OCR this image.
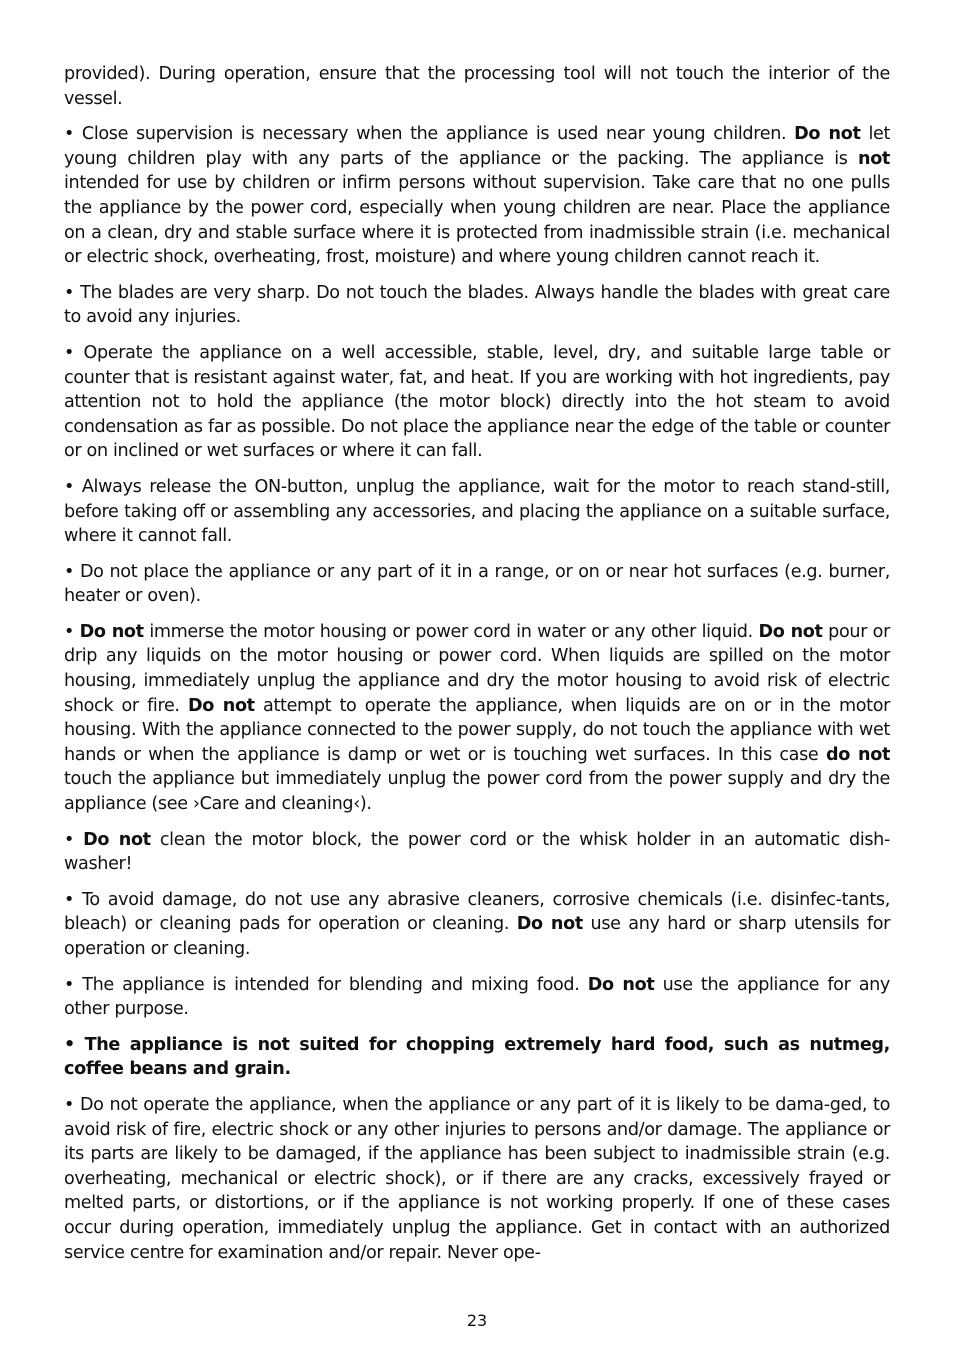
provided). During operation, ensure that the processing tool will not touch the interior of the vessel.

• Close supervision is necessary when the appliance is used near young children. Do not let young children play with any parts of the appliance or the packing. The appliance is not intended for use by children or infirm persons without supervision. Take care that no one pulls the appliance by the power cord, especially when young children are near. Place the appliance on a clean, dry and stable surface where it is protected from inadmissible strain (i.e. mechanical or electric shock, overheating, frost, moisture) and where young children cannot reach it.

• The blades are very sharp. Do not touch the blades. Always handle the blades with great care to avoid any injuries.

• Operate the appliance on a well accessible, stable, level, dry, and suitable large table or counter that is resistant against water, fat, and heat. If you are working with hot ingredients, pay attention not to hold the appliance (the motor block) directly into the hot steam to avoid condensation as far as possible. Do not place the appliance near the edge of the table or counter or on inclined or wet surfaces or where it can fall.

• Always release the ON-button, unplug the appliance, wait for the motor to reach stand-still, before taking off or assembling any accessories, and placing the appliance on a suitable surface, where it cannot fall.

• Do not place the appliance or any part of it in a range, or on or near hot surfaces (e.g. burner, heater or oven).

• Do not immerse the motor housing or power cord in water or any other liquid. Do not pour or drip any liquids on the motor housing or power cord. When liquids are spilled on the motor housing, immediately unplug the appliance and dry the motor housing to avoid risk of electric shock or fire. Do not attempt to operate the appliance, when liquids are on or in the motor housing. With the appliance connected to the power supply, do not touch the appliance with wet hands or when the appliance is damp or wet or is touching wet surfaces. In this case do not touch the appliance but immediately unplug the power cord from the power supply and dry the appliance (see ›Care and cleaning‹).

• Do not clean the motor block, the power cord or the whisk holder in an automatic dish-washer!

• To avoid damage, do not use any abrasive cleaners, corrosive chemicals (i.e. disinfec-tants, bleach) or cleaning pads for operation or cleaning. Do not use any hard or sharp utensils for operation or cleaning.

• The appliance is intended for blending and mixing food. Do not use the appliance for any other purpose.

• The appliance is not suited for chopping extremely hard food, such as nutmeg, coffee beans and grain.

• Do not operate the appliance, when the appliance or any part of it is likely to be dama-ged, to avoid risk of fire, electric shock or any other injuries to persons and/or damage. The appliance or its parts are likely to be damaged, if the appliance has been subject to inadmissible strain (e.g. overheating, mechanical or electric shock), or if there are any cracks, excessively frayed or melted parts, or distortions, or if the appliance is not working properly. If one of these cases occur during operation, immediately unplug the appliance. Get in contact with an authorized service centre for examination and/or repair. Never ope-

23
